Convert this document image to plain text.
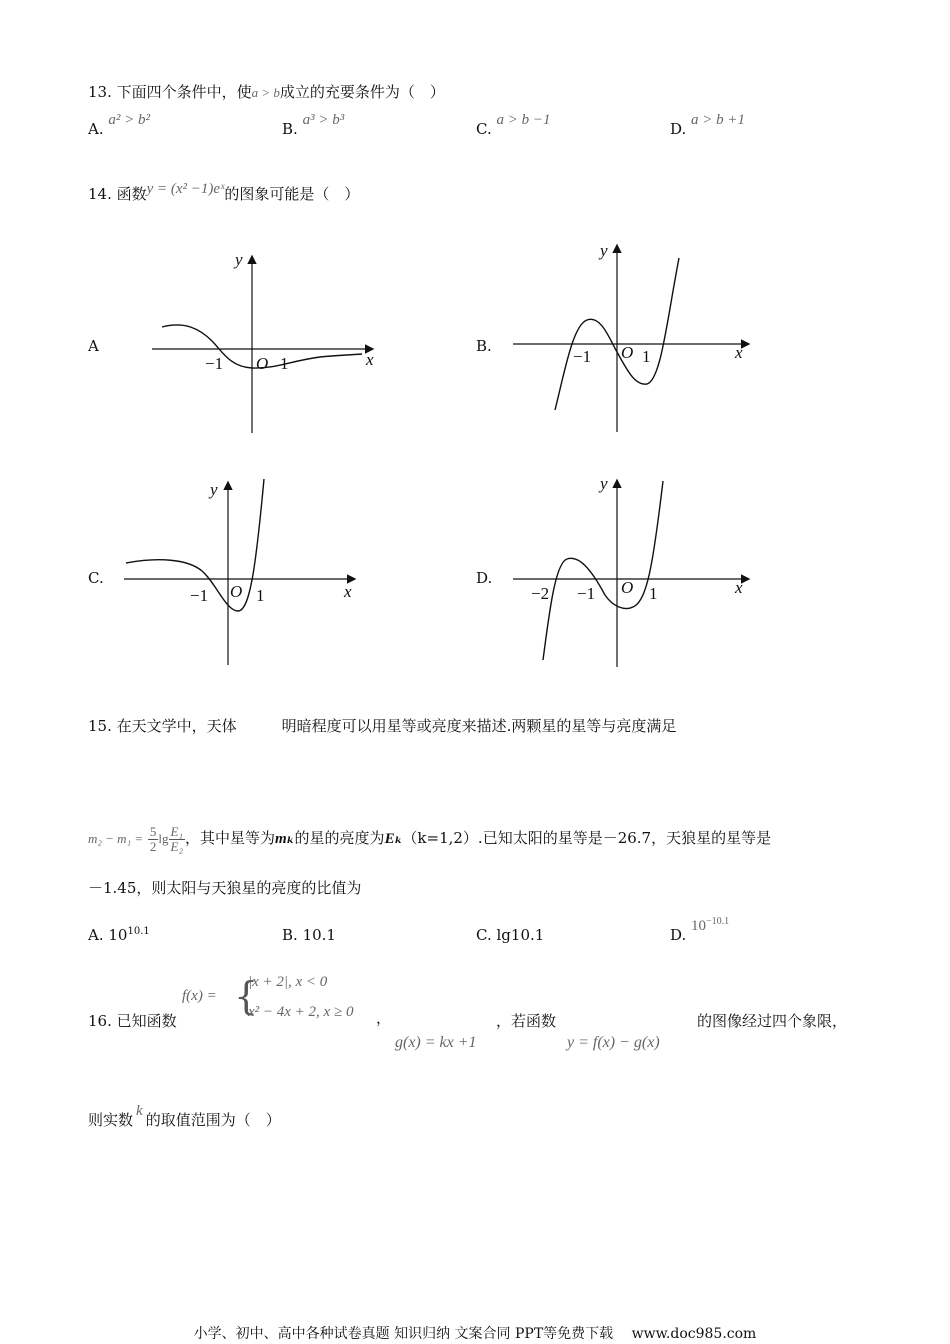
13. 下面四个条件中，使a > b成立的充要条件为（　）
A. a² > b²	B. a³ > b³	C. a > b −1	D. a > b +1
14. 函数y = (x² −1)eˣ的图象可能是（　）
A
y
x
−1 O 1
B.
y
x
−1 O 1
C.
y
x
−1 O 1
D.
y
x
−2 −1 O 1
15. 在天文学中，天体　　　明暗程度可以用星等或亮度来描述.两颗星的星等与亮度满足
$m_2 - m_1 = \frac{5}{2}$ $\lg \frac{\text{E₁}}{\text{E₂}}$ ，其中星等为mₖ的星的亮度为Eₖ（k=1,2）.已知太阳的星等是－26.7，天狼星的星等是
－1.45，则太阳与天狼星的亮度的比值为
A. $10^{10.1}$	B. 10.1	C. lg10.1	D. $10^{-10.1}$
16. 已知函数
f(x) = {
|x + 2|, x < 0
x² − 4x + 2, x ≥ 0 ，
g(x) = kx +1
，若函数
y = f(x) − g(x)
的图像经过四个象限，
则实数 k 的取值范围为（　）
小学、初中、高中各种试卷真题 知识归纳 文案合同 PPT等免费下载　 www.doc985.com
